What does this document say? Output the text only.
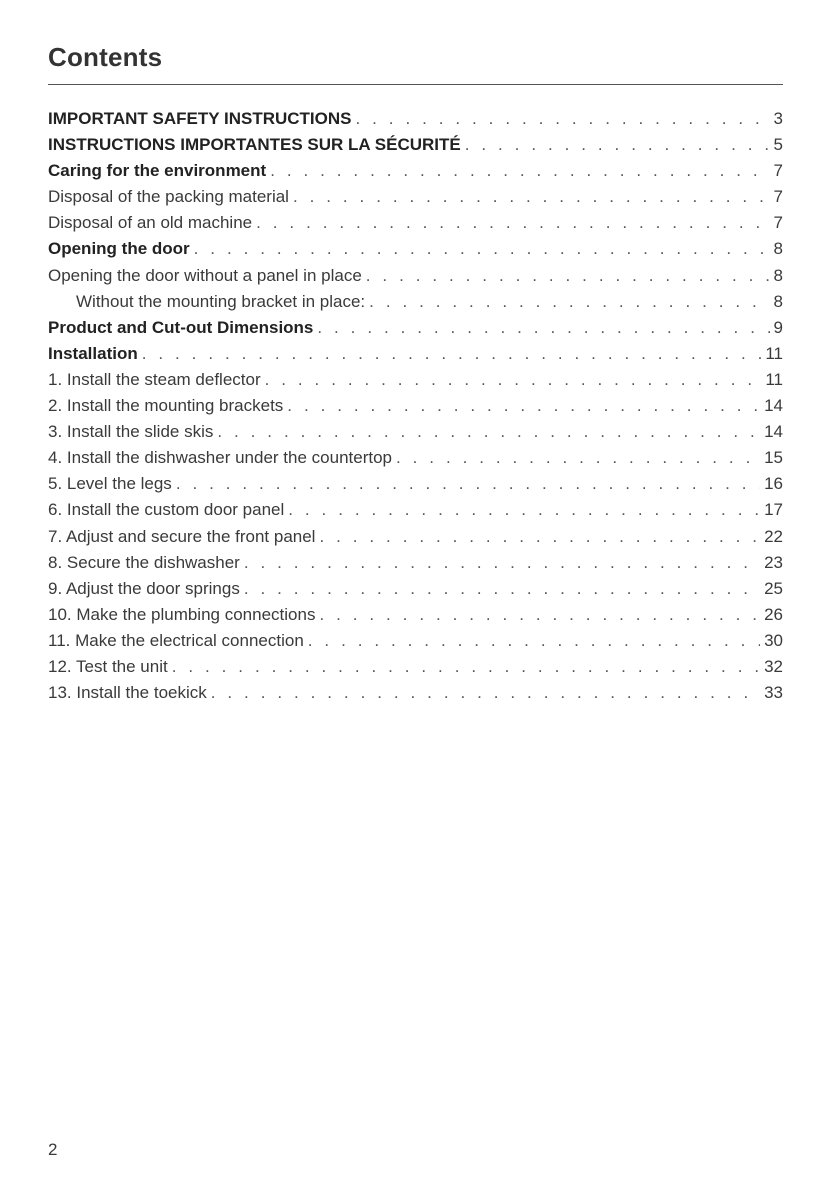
Contents
IMPORTANT SAFETY INSTRUCTIONS . . .	3
INSTRUCTIONS IMPORTANTES SUR LA SÉCURITÉ . . .	5
Caring for the environment . . .	7
Disposal of the packing material . . .	7
Disposal of an old machine . . .	7
Opening the door . . .	8
Opening the door without a panel in place . . .	8
Without the mounting bracket in place: . . .	8
Product and Cut-out Dimensions . . .	9
Installation . . .	11
1. Install the steam deflector . . .	11
2. Install the mounting brackets . . .	14
3. Install the slide skis . . .	14
4. Install the dishwasher under the countertop . . .	15
5. Level the legs . . .	16
6. Install the custom door panel . . .	17
7. Adjust and secure the front panel . . .	22
8. Secure the dishwasher . . .	23
9. Adjust the door springs . . .	25
10. Make the plumbing connections . . .	26
11. Make the electrical connection . . .	30
12. Test the unit . . .	32
13. Install the toekick . . .	33
2
